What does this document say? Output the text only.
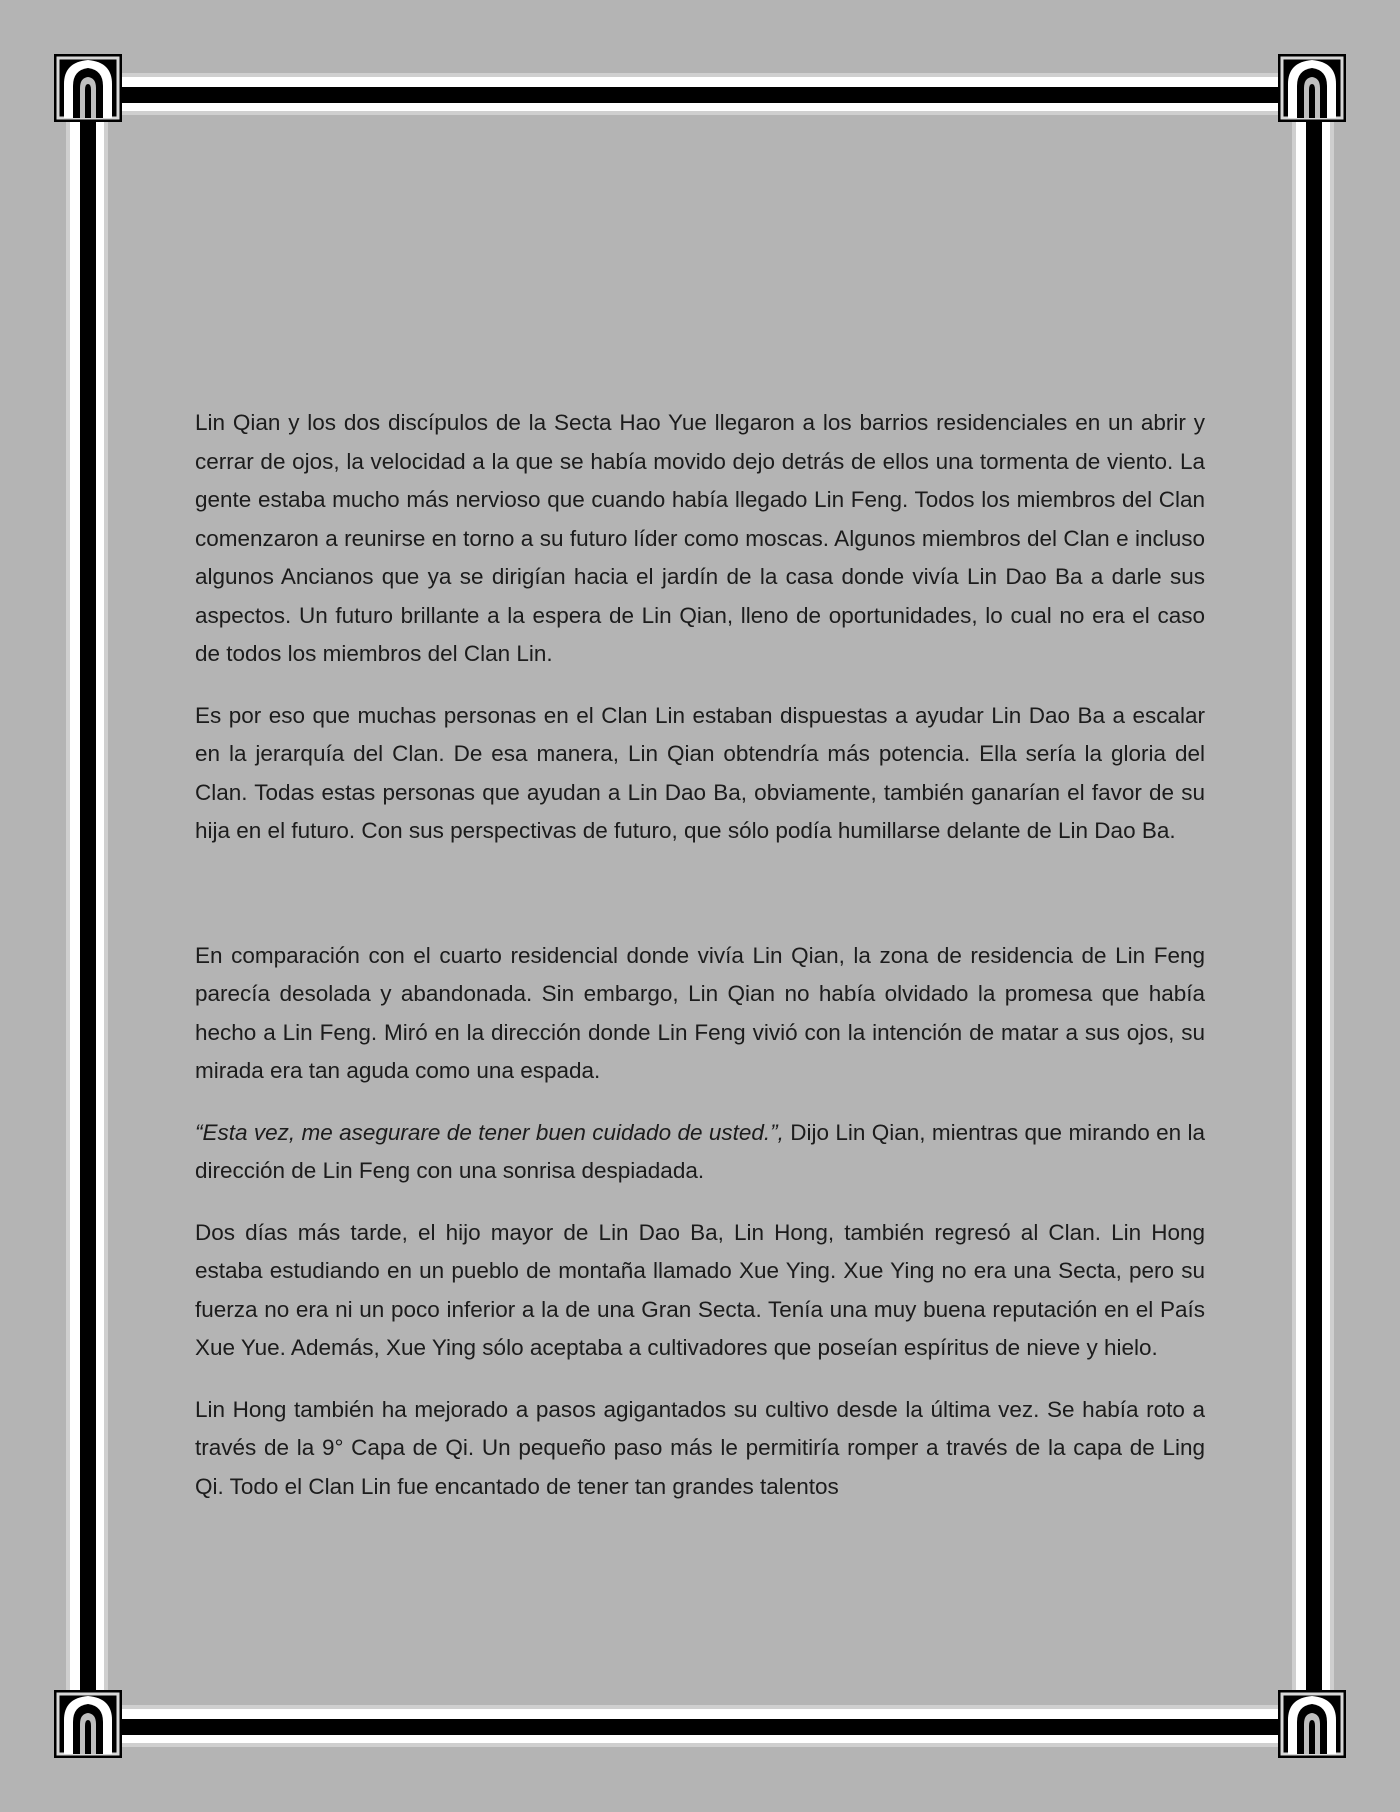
Lin Qian y los dos discípulos de la Secta Hao Yue llegaron a los barrios residenciales en un abrir y cerrar de ojos, la velocidad a la que se había movido dejo detrás de ellos una tormenta de viento. La gente estaba mucho más nervioso que cuando había llegado Lin Feng. Todos los miembros del Clan comenzaron a reunirse en torno a su futuro líder como moscas. Algunos miembros del Clan e incluso algunos Ancianos que ya se dirigían hacia el jardín de la casa donde vivía Lin Dao Ba a darle sus aspectos. Un futuro brillante a la espera de Lin Qian, lleno de oportunidades, lo cual no era el caso de todos los miembros del Clan Lin.

Es por eso que muchas personas en el Clan Lin estaban dispuestas a ayudar Lin Dao Ba a escalar en la jerarquía del Clan. De esa manera, Lin Qian obtendría más potencia. Ella sería la gloria del Clan. Todas estas personas que ayudan a Lin Dao Ba, obviamente, también ganarían el favor de su hija en el futuro. Con sus perspectivas de futuro, que sólo podía humillarse delante de Lin Dao Ba.

En comparación con el cuarto residencial donde vivía Lin Qian, la zona de residencia de Lin Feng parecía desolada y abandonada. Sin embargo, Lin Qian no había olvidado la promesa que había hecho a Lin Feng. Miró en la dirección donde Lin Feng vivió con la intención de matar a sus ojos, su mirada era tan aguda como una espada.

“Esta vez, me asegurare de tener buen cuidado de usted.”, Dijo Lin Qian, mientras que mirando en la dirección de Lin Feng con una sonrisa despiadada.

Dos días más tarde, el hijo mayor de Lin Dao Ba, Lin Hong, también regresó al Clan. Lin Hong estaba estudiando en un pueblo de montaña llamado Xue Ying. Xue Ying no era una Secta, pero su fuerza no era ni un poco inferior a la de una Gran Secta. Tenía una muy buena reputación en el País Xue Yue. Además, Xue Ying sólo aceptaba a cultivadores que poseían espíritus de nieve y hielo.

Lin Hong también ha mejorado a pasos agigantados su cultivo desde la última vez. Se había roto a través de la 9° Capa de Qi. Un pequeño paso más le permitiría romper a través de la capa de Ling Qi. Todo el Clan Lin fue encantado de tener tan grandes talentos
